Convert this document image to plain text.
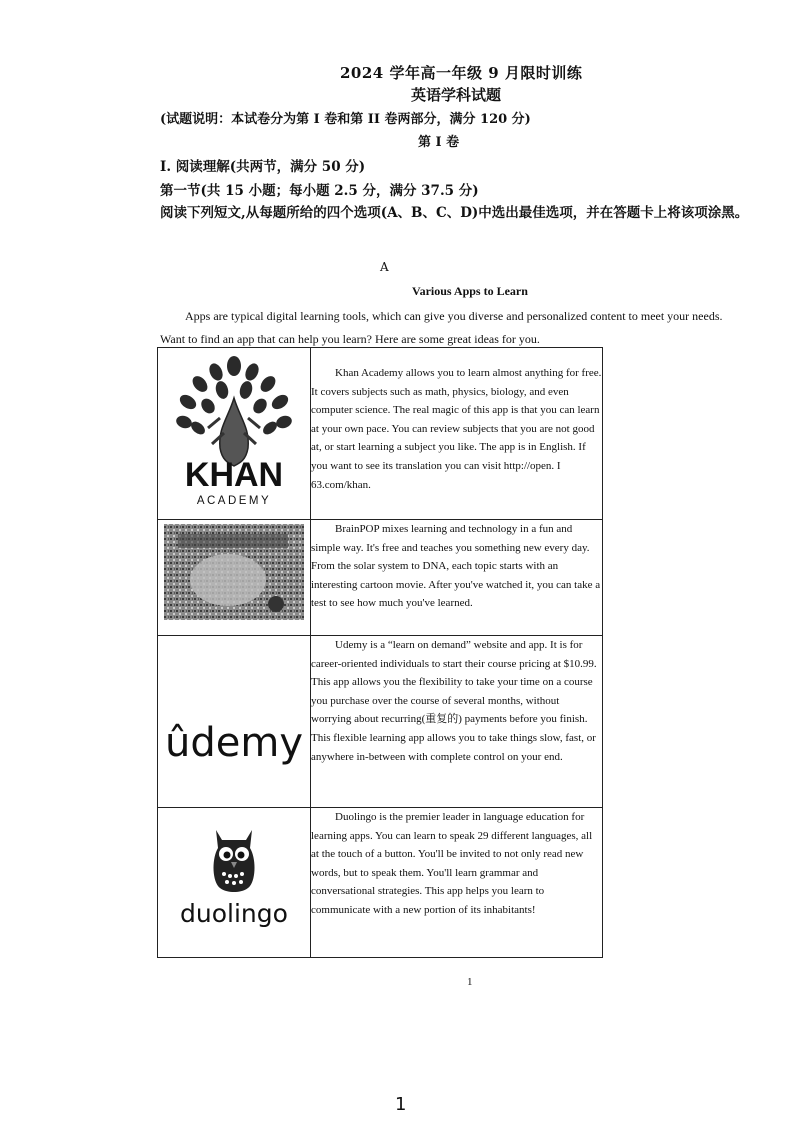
2024 学年高一年级 9 月限时训练
英语学科试题
(试题说明：本试卷分为第 I 卷和第 II 卷两部分，满分 120 分)
第 I 卷
I. 阅读理解(共两节，满分 50 分)
第一节(共 15 小题；每小题 2.5 分，满分 37.5 分)
阅读下列短文,从每题所给的四个选项(A、B、C、D)中选出最佳选项，并在答题卡上将该项涂黑。
A
Various Apps to Learn
Apps are typical digital learning tools, which can give you diverse and personalized content to meet your needs. Want to find an app that can help you learn? Here are some great ideas for you.
KHAN
ACADEMY	Khan Academy allows you to learn almost anything for free. It covers subjects such as math, physics, biology, and even computer science. The real magic of this app is that you can learn at your own pace. You can review subjects that you are not good at, or start learning a subject you like. The app is in English. If you want to see its translation you can visit http://open. I 63.com/khan.

BrainPOP mixes learning and technology in a fun and simple way. It's free and teaches you something new every day. From the solar system to DNA, each topic starts with an interesting cartoon movie. After you've watched it, you can take a test to see how much you've learned.

ûdemy	Udemy is a “learn on demand” website and app. It is for career-oriented individuals to start their course pricing at $10.99. This app allows you the flexibility to take your time on a course you purchase over the course of several months, without worrying about recurring(重复的) payments before you finish. This flexible learning app allows you to take things slow, fast, or anywhere in-between with complete control on your end.

duolingo	Duolingo is the premier leader in language education for learning apps. You can learn to speak 29 different languages, all at the touch of a button. You'll be invited to not only read new words, but to speak them. You'll learn grammar and conversational strategies. This app helps you learn to communicate with a new portion of its inhabitants!
1
1
